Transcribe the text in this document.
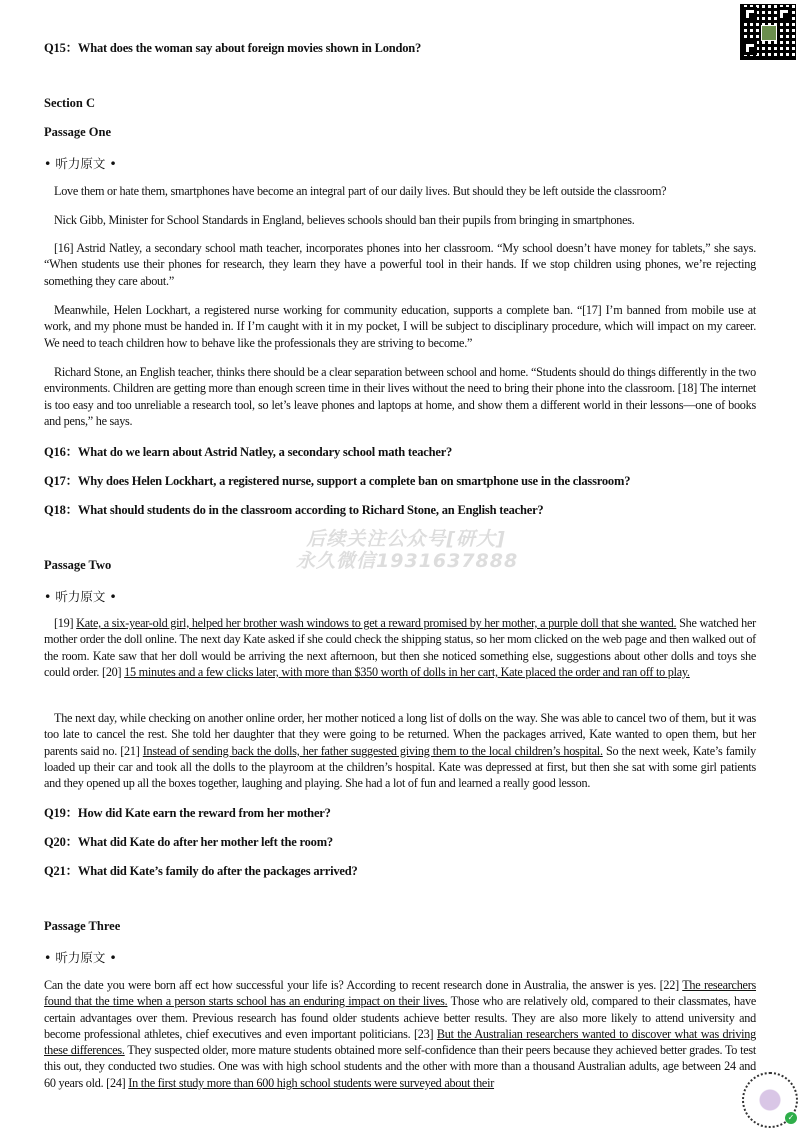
Q15：What does the woman say about foreign movies shown in London?
Section C
Passage One
• 听力原文 •
Love them or hate them, smartphones have become an integral part of our daily lives. But should they be left outside the classroom?
Nick Gibb, Minister for School Standards in England, believes schools should ban their pupils from bringing in smartphones.
[16] Astrid Natley, a secondary school math teacher, incorporates phones into her classroom. “My school doesn’t have money for tablets,” she says. “When students use their phones for research, they learn they have a powerful tool in their hands. If we stop children using phones, we’re rejecting something they care about.”
Meanwhile, Helen Lockhart, a registered nurse working for community education, supports a complete ban. “[17] I’m banned from mobile use at work, and my phone must be handed in. If I’m caught with it in my pocket, I will be subject to disciplinary procedure, which will impact on my career. We need to teach children how to behave like the professionals they are striving to become.”
Richard Stone, an English teacher, thinks there should be a clear separation between school and home. “Students should do things differently in the two environments. Children are getting more than enough screen time in their lives without the need to bring their phone into the classroom. [18] The internet is too easy and too unreliable a research tool, so let’s leave phones and laptops at home, and show them a different world in their lessons—one of books and pens,” he says.
Q16：What do we learn about Astrid Natley, a secondary school math teacher?
Q17：Why does Helen Lockhart, a registered nurse, support a complete ban on smartphone use in the classroom?
Q18：What should students do in the classroom according to Richard Stone, an English teacher?
后续关注公众号[研大]
永久微信1931637888
Passage Two
• 听力原文 •
[19] Kate, a six-year-old girl, helped her brother wash windows to get a reward promised by her mother, a purple doll that she wanted. She watched her mother order the doll online. The next day Kate asked if she could check the shipping status, so her mom clicked on the web page and then walked out of the room. Kate saw that her doll would be arriving the next afternoon, but then she noticed something else, suggestions about other dolls and toys she could order. [20] 15 minutes and a few clicks later, with more than $350 worth of dolls in her cart, Kate placed the order and ran off to play.
The next day, while checking on another online order, her mother noticed a long list of dolls on the way. She was able to cancel two of them, but it was too late to cancel the rest. She told her daughter that they were going to be returned. When the packages arrived, Kate wanted to open them, but her parents said no. [21] Instead of sending back the dolls, her father suggested giving them to the local children’s hospital. So the next week, Kate’s family loaded up their car and took all the dolls to the playroom at the children’s hospital. Kate was depressed at first, but then she sat with some girl patients and they opened up all the boxes together, laughing and playing. She had a lot of fun and learned a really good lesson.
Q19：How did Kate earn the reward from her mother?
Q20：What did Kate do after her mother left the room?
Q21：What did Kate’s family do after the packages arrived?
Passage Three
• 听力原文 •
Can the date you were born aff ect how successful your life is? According to recent research done in Australia, the answer is yes. [22] The researchers found that the time when a person starts school has an enduring impact on their lives. Those who are relatively old, compared to their classmates, have certain advantages over them. Previous research has found older students achieve better results. They are also more likely to attend university and become professional athletes, chief executives and even important politicians. [23] But the Australian researchers wanted to discover what was driving these differences. They suspected older, more mature students obtained more self-confidence than their peers because they achieved better grades. To test this out, they conducted two studies. One was with high school students and the other with more than a thousand Australian adults, age between 24 and 60 years old. [24] In the first study more than 600 high school students were surveyed about their
✓
